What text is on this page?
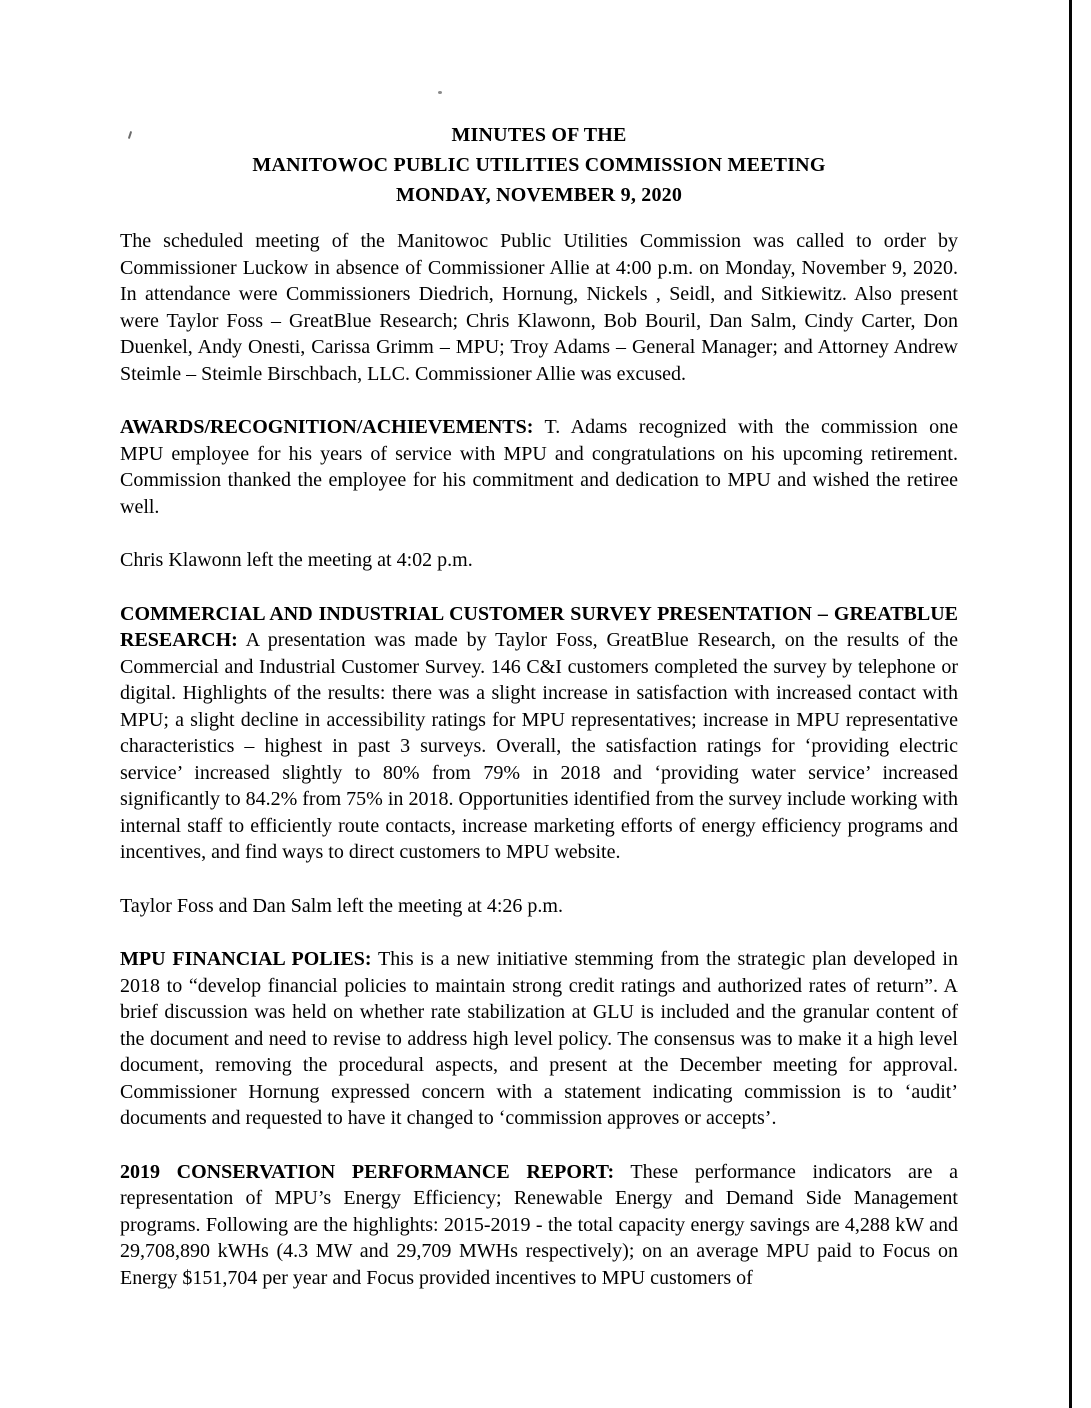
MINUTES OF THE
MANITOWOC PUBLIC UTILITIES COMMISSION MEETING
MONDAY, NOVEMBER 9, 2020

The scheduled meeting of the Manitowoc Public Utilities Commission was called to order by Commissioner Luckow in absence of Commissioner Allie at 4:00 p.m. on Monday, November 9, 2020. In attendance were Commissioners Diedrich, Hornung, Nickels , Seidl, and Sitkiewitz. Also present were Taylor Foss – GreatBlue Research; Chris Klawonn, Bob Bouril, Dan Salm, Cindy Carter, Don Duenkel, Andy Onesti, Carissa Grimm – MPU; Troy Adams – General Manager; and Attorney Andrew Steimle – Steimle Birschbach, LLC. Commissioner Allie was excused.

AWARDS/RECOGNITION/ACHIEVEMENTS: T. Adams recognized with the commission one MPU employee for his years of service with MPU and congratulations on his upcoming retirement. Commission thanked the employee for his commitment and dedication to MPU and wished the retiree well.

Chris Klawonn left the meeting at 4:02 p.m.

COMMERCIAL AND INDUSTRIAL CUSTOMER SURVEY PRESENTATION – GREATBLUE RESEARCH: A presentation was made by Taylor Foss, GreatBlue Research, on the results of the Commercial and Industrial Customer Survey. 146 C&I customers completed the survey by telephone or digital. Highlights of the results: there was a slight increase in satisfaction with increased contact with MPU; a slight decline in accessibility ratings for MPU representatives; increase in MPU representative characteristics – highest in past 3 surveys. Overall, the satisfaction ratings for ‘providing electric service’ increased slightly to 80% from 79% in 2018 and ‘providing water service’ increased significantly to 84.2% from 75% in 2018. Opportunities identified from the survey include working with internal staff to efficiently route contacts, increase marketing efforts of energy efficiency programs and incentives, and find ways to direct customers to MPU website.

Taylor Foss and Dan Salm left the meeting at 4:26 p.m.

MPU FINANCIAL POLIES: This is a new initiative stemming from the strategic plan developed in 2018 to “develop financial policies to maintain strong credit ratings and authorized rates of return”. A brief discussion was held on whether rate stabilization at GLU is included and the granular content of the document and need to revise to address high level policy. The consensus was to make it a high level document, removing the procedural aspects, and present at the December meeting for approval. Commissioner Hornung expressed concern with a statement indicating commission is to ‘audit’ documents and requested to have it changed to ‘commission approves or accepts’.

2019 CONSERVATION PERFORMANCE REPORT: These performance indicators are a representation of MPU’s Energy Efficiency; Renewable Energy and Demand Side Management programs. Following are the highlights: 2015-2019 - the total capacity energy savings are 4,288 kW and 29,708,890 kWHs (4.3 MW and 29,709 MWHs respectively); on an average MPU paid to Focus on Energy $151,704 per year and Focus provided incentives to MPU customers of
